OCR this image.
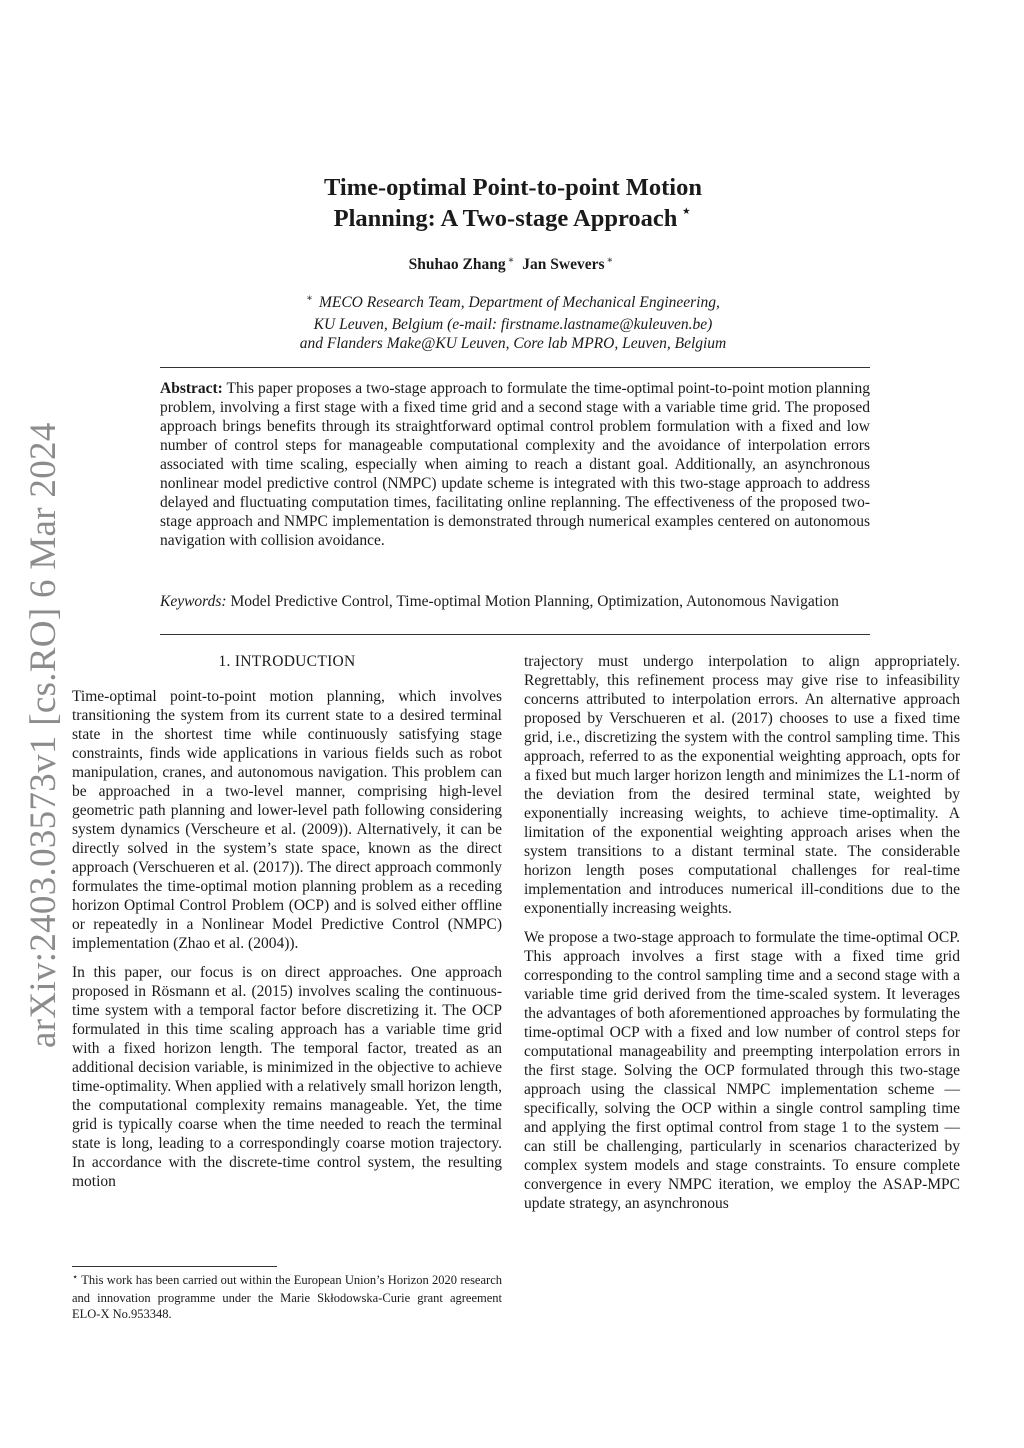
arXiv:2403.03573v1 [cs.RO] 6 Mar 2024
Time-optimal Point-to-point Motion
Planning: A Two-stage Approach ⋆
Shuhao Zhang ∗ Jan Swevers ∗
∗ MECO Research Team, Department of Mechanical Engineering,
KU Leuven, Belgium (e-mail: firstname.lastname@kuleuven.be)
and Flanders Make@KU Leuven, Core lab MPRO, Leuven, Belgium

Abstract: This paper proposes a two-stage approach to formulate the time-optimal point-to-point motion planning problem, involving a first stage with a fixed time grid and a second stage with a variable time grid. The proposed approach brings benefits through its straightforward optimal control problem formulation with a fixed and low number of control steps for manageable computational complexity and the avoidance of interpolation errors associated with time scaling, especially when aiming to reach a distant goal. Additionally, an asynchronous nonlinear model predictive control (NMPC) update scheme is integrated with this two-stage approach to address delayed and fluctuating computation times, facilitating online replanning. The effectiveness of the proposed two-stage approach and NMPC implementation is demonstrated through numerical examples centered on autonomous navigation with collision avoidance.

Keywords: Model Predictive Control, Time-optimal Motion Planning, Optimization, Autonomous Navigation

1. INTRODUCTION

Time-optimal point-to-point motion planning, which involves transitioning the system from its current state to a desired terminal state in the shortest time while continuously satisfying stage constraints, finds wide applications in various fields such as robot manipulation, cranes, and autonomous navigation. This problem can be approached in a two-level manner, comprising high-level geometric path planning and lower-level path following considering system dynamics (Verscheure et al. (2009)). Alternatively, it can be directly solved in the system’s state space, known as the direct approach (Verschueren et al. (2017)). The direct approach commonly formulates the time-optimal motion planning problem as a receding horizon Optimal Control Problem (OCP) and is solved either offline or repeatedly in a Nonlinear Model Predictive Control (NMPC) implementation (Zhao et al. (2004)).

In this paper, our focus is on direct approaches. One approach proposed in Rösmann et al. (2015) involves scaling the continuous-time system with a temporal factor before discretizing it. The OCP formulated in this time scaling approach has a variable time grid with a fixed horizon length. The temporal factor, treated as an additional decision variable, is minimized in the objective to achieve time-optimality. When applied with a relatively small horizon length, the computational complexity remains manageable. Yet, the time grid is typically coarse when the time needed to reach the terminal state is long, leading to a correspondingly coarse motion trajectory. In accordance with the discrete-time control system, the resulting motion

trajectory must undergo interpolation to align appropriately. Regrettably, this refinement process may give rise to infeasibility concerns attributed to interpolation errors. An alternative approach proposed by Verschueren et al. (2017) chooses to use a fixed time grid, i.e., discretizing the system with the control sampling time. This approach, referred to as the exponential weighting approach, opts for a fixed but much larger horizon length and minimizes the L1-norm of the deviation from the desired terminal state, weighted by exponentially increasing weights, to achieve time-optimality. A limitation of the exponential weighting approach arises when the system transitions to a distant terminal state. The considerable horizon length poses computational challenges for real-time implementation and introduces numerical ill-conditions due to the exponentially increasing weights.

We propose a two-stage approach to formulate the time-optimal OCP. This approach involves a first stage with a fixed time grid corresponding to the control sampling time and a second stage with a variable time grid derived from the time-scaled system. It leverages the advantages of both aforementioned approaches by formulating the time-optimal OCP with a fixed and low number of control steps for computational manageability and preempting interpolation errors in the first stage. Solving the OCP formulated through this two-stage approach using the classical NMPC implementation scheme — specifically, solving the OCP within a single control sampling time and applying the first optimal control from stage 1 to the system — can still be challenging, particularly in scenarios characterized by complex system models and stage constraints. To ensure complete convergence in every NMPC iteration, we employ the ASAP-MPC update strategy, an asynchronous

⋆ This work has been carried out within the European Union’s Horizon 2020 research and innovation programme under the Marie Skłodowska-Curie grant agreement ELO-X No.953348.
